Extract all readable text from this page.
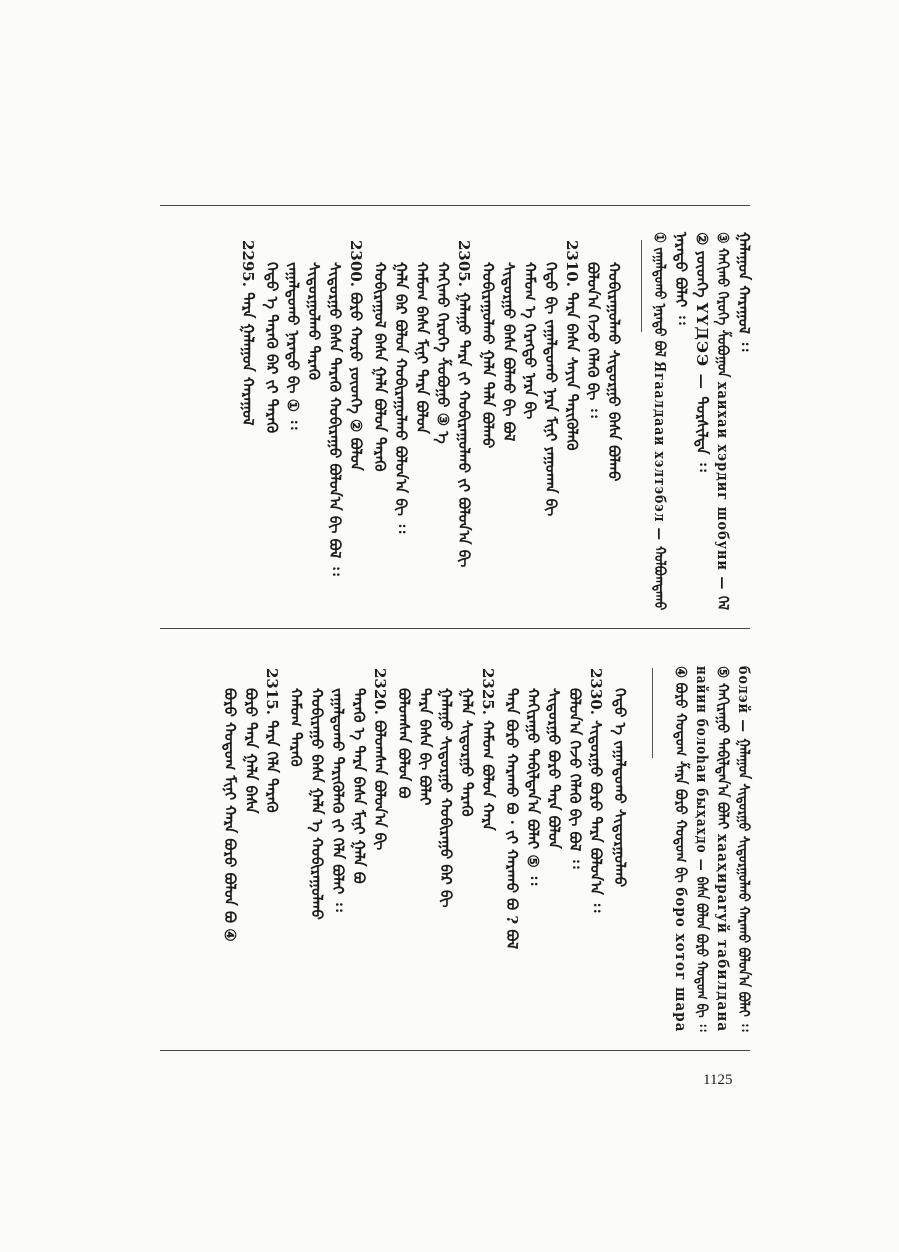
ᠭᠠᠯᠠᠭᠤᠨ ᠬᠠᠷᠠᠭᠤᠯ ᠄᠄
③ ᠬᠠᠬᠢᠬᠤ ᠬᠡᠷᠦᠭᠡ ᠱᠣᠪᠣᠭᠤᠨ xaихаи хэрдиг шобуни — ᠬᠡᠯ
② ᠶᠦᠳᠬᠡ YYДЭЭ — ᠲᠤᠷᠰᠢᠯᠲᠠ ᠄᠄
ᠨᠡᠷᠡᠲᠦ ᠪᠣᠯᠠᠢ ᠄᠄
① ᠵᠠᠭᠠᠯᠳᠤᠬᠤ ᠨᠡᠷᠡᠲᠦ ᠪᠣᠯ Ягаалдааи хэлтэбэл — ᠬᠣᠯᠪᠣᠭᠳᠠᠬᠤ
ᠬᠣᠪᠢᠷᠠᠭᠤᠯᠬᠤ ᠰᠢᠳᠤᠷᠭᠤ ᠪᠠᠰᠠ ᠪᠣᠯᠬᠤ
ᠪᠣᠯᠤᠨ᠎ᠠ ᠭᠡᠵᠦ ᠬᠡᠯᠡᠬᠦ ᠪᠢ ᠄᠄
2310. ᠲᠡᠷᠡ ᠪᠠᠰᠠ ᠰᠠᠶᠢᠨ ᠲᠡᠷᠢᠭᠦᠯᠡᠬᠦ
ᠬᠡᠳᠦ ᠪᠢ ᠵᠠᠭᠠᠯᠳᠤᠬᠤ ᠨᠡᠷᠡ ᠮᠢᠨᠢ ᠶᠠᠭᠤᠬᠠᠨ ᠪᠢ
ᠬᠠᠮᠤᠭ ᠡ ᠬᠡᠷᠡᠭᠲᠦ ᠨᠡᠷᠡ ᠪᠢ
ᠰᠢᠳᠤᠷᠭᠤ ᠪᠠᠰᠠ ᠪᠣᠯᠬᠤ ᠪᠢ ᠪᠣᠯ
ᠬᠣᠪᠢᠷᠠᠭᠤᠯᠬᠤ ᠭᠠᠯᠠ ᠲᠠᠯᠠ ᠪᠣᠯᠬᠤ
2305. ᠭᠠᠯᠠᠭᠤ ᠲᠡᠷᠡ ᠵᠢ ᠬᠣᠪᠢᠷᠠᠭᠤᠯᠬᠤ ᠵᠢ ᠪᠣᠯᠤᠨ᠎ᠠ ᠪᠢ
ᠬᠠᠬᠢᠬᠤ ᠬᠡᠷᠦᠭᠡ ᠱᠣᠪᠣᠭᠤ ③ ᠡ
ᠬᠠᠮᠤᠭ ᠪᠠᠰᠠ ᠮᠢᠨᠢ ᠲᠡᠷᠡ ᠪᠣᠯᠤᠨ
ᠭᠠᠯᠠ ᠪᠠᠷ ᠪᠣᠯᠤᠨ ᠬᠣᠪᠢᠷᠠᠭᠤᠯᠬᠤ ᠪᠣᠯᠤᠨ᠎ᠠ ᠪᠢ ᠄᠄
ᠬᠣᠪᠢᠷᠠᠭᠤᠯ ᠪᠠᠰᠠ ᠭᠠᠯᠠ ᠪᠣᠯᠤᠨ ᠲᠡᠷᠡᠬᠦ
2300. ᠪᠣᠷᠣ ᠬᠤᠷᠤ ᠶᠦᠳᠬᠡ ② ᠪᠣᠯᠤᠨ
ᠰᠢᠳᠤᠷᠭᠤ ᠪᠠᠰᠠ ᠲᠡᠷᠡᠬᠦ ᠬᠣᠪᠢᠷᠠᠭᠤ ᠪᠣᠯᠤᠨ᠎ᠠ ᠪᠢ ᠪᠣᠯ ᠄᠄
ᠰᠢᠳᠤᠷᠭᠤᠯᠬᠤ ᠲᠡᠷᠡᠬᠦ
ᠵᠠᠭᠠᠯᠳᠤᠬᠤ ᠨᠡᠷᠡᠲᠦ ᠪᠢ ① ᠄᠄
ᠬᠡᠳᠦ ᠡ ᠲᠡᠷᠡᠬᠦ ᠪᠠᠷ ᠵᠢ ᠲᠡᠷᠡᠬᠦ
2295. ᠲᠡᠷᠡ ᠭᠠᠯᠠᠭᠤᠨ ᠬᠠᠷᠠᠭᠤᠯ
болэй — ᠭᠠᠯᠠᠭᠤᠨ ᠰᠢᠳᠤᠷᠭᠤ ᠰᠢᠳᠤᠷᠭᠤᠯᠬᠤ ᠬᠠᠷᠠᠬᠤ ᠪᠣᠯᠤᠨ᠎ᠠ ᠪᠣᠯᠠᠢ ᠄᠄
⑤ ᠬᠠᠬᠢᠷᠠᠭᠤ ᠲᠠᠪᠢᠯᠳᠠᠨ᠎ᠠ ᠪᠣᠯᠠᠢ хааҳираrуй табилдана
найин болоhаи быҳахдо — ᠪᠠᠰᠠ ᠪᠣᠯᠤᠨ ᠪᠣᠷᠣ ᠬᠣᠲᠣᠭ ᠪᠢ ᠄᠄
④ ᠪᠣᠷᠣ ᠬᠣᠲᠣᠭ ᠱᠠᠷᠠ ᠪᠣᠷᠣ ᠬᠣᠲᠣᠭ ᠪᠢ боро хотог шара
ᠬᠡᠳᠦ ᠡ ᠵᠠᠭᠠᠯᠳᠤᠬᠤ ᠰᠢᠳᠤᠷᠭᠤᠯᠬᠤ
2330. ᠰᠢᠳᠤᠷᠭᠤ ᠪᠣᠷᠣ ᠲᠡᠷᠡ ᠪᠣᠯᠤᠨ᠎ᠠ ᠄᠄
ᠪᠣᠯᠤᠨ᠎ᠠ ᠭᠡᠵᠦ ᠬᠡᠯᠡᠬᠦ ᠪᠢ ᠪᠣᠯ ᠄᠄
ᠰᠢᠳᠤᠷᠭᠤ ᠪᠣᠷᠣ ᠲᠡᠷᠡ ᠪᠣᠯᠤᠨ
ᠬᠠᠬᠢᠷᠠᠭᠤ ᠲᠠᠪᠢᠯᠳᠠᠨ᠎ᠠ ᠪᠣᠯᠠᠢ ⑤ ᠄᠄
ᠲᠡᠷᠡ ᠪᠣᠷᠣ ᠬᠠᠷᠠᠬᠤ ᠪᠣ · ᠵᠢ ᠬᠠᠷᠠᠬᠤ ᠪᠣ ? ᠪᠣᠯ
2325. ᠬᠠᠮᠤᠭ ᠪᠣᠯᠤᠨ ᠬᠠᠷᠠ
ᠭᠠᠯᠠ ᠰᠢᠳᠤᠷᠭᠤ ᠲᠡᠷᠡᠬᠦ
ᠭᠠᠯᠠᠭᠤ ᠰᠢᠳᠤᠷᠭᠤ ᠬᠣᠪᠢᠷᠠᠭᠤ ᠪᠠᠷ ᠪᠢ
ᠲᠡᠷᠡ ᠪᠠᠰᠠ ᠪᠢ ᠪᠣᠯᠠᠢ
ᠪᠣᠯᠣᠭᠰᠠᠨ ᠪᠣᠯᠤᠨ ᠪᠣ
2320. ᠪᠣᠯᠣᠭᠰᠠᠨ ᠪᠣᠯᠤᠨ᠎ᠠ ᠪᠢ
ᠲᠡᠷᠡᠬᠦ ᠡ ᠲᠡᠷᠡ ᠪᠠᠰᠠ ᠮᠢᠨᠢ ᠭᠠᠯᠠ ᠪᠣ
ᠵᠠᠭᠠᠯᠳᠤᠬᠤ ᠲᠡᠷᠢᠭᠦᠯᠡᠬᠦ ᠵᠢ ᠬᠡᠯᠡ ᠪᠣᠯᠠᠢ ᠄᠄
ᠬᠣᠪᠢᠷᠠᠭᠤ ᠪᠠᠰᠠ ᠭᠠᠯᠠ ᠡ ᠬᠣᠪᠢᠷᠠᠭᠤᠯᠬᠤ
ᠬᠠᠮᠤᠭ ᠲᠡᠷᠡᠬᠦ
2315. ᠲᠡᠷᠡ ᠬᠡᠯᠡ ᠲᠡᠷᠡᠬᠦ
ᠪᠣᠷᠣ ᠲᠡᠷᠡ ᠭᠠᠯᠠ ᠪᠠᠰᠠ
ᠪᠣᠷᠣ ᠬᠣᠲᠣᠭ ᠮᠢᠨᠢ ᠬᠠᠷᠠ ᠪᠣᠷᠣ ᠪᠣᠯᠤᠨ ᠪᠣ ④
1125
